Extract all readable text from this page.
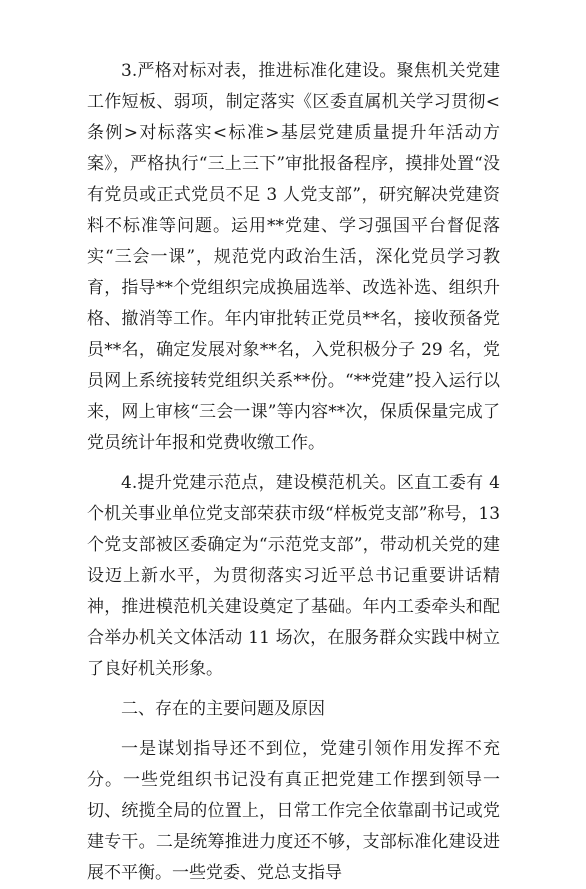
3.严格对标对表，推进标准化建设。聚焦机关党建工作短板、弱项，制定落实《区委直属机关学习贯彻<条例>对标落实<标准>基层党建质量提升年活动方案》，严格执行“三上三下”审批报备程序，摸排处置“没有党员或正式党员不足 3 人党支部”，研究解决党建资料不标准等问题。运用**党建、学习强国平台督促落实“三会一课”，规范党内政治生活，深化党员学习教育，指导**个党组织完成换届选举、改选补选、组织升格、撤消等工作。年内审批转正党员**名，接收预备党员**名，确定发展对象**名，入党积极分子 29 名，党员网上系统接转党组织关系**份。“**党建”投入运行以来，网上审核“三会一课”等内容**次，保质保量完成了党员统计年报和党费收缴工作。

4.提升党建示范点，建设模范机关。区直工委有 4 个机关事业单位党支部荣获市级“样板党支部”称号，13 个党支部被区委确定为“示范党支部”，带动机关党的建设迈上新水平，为贯彻落实习近平总书记重要讲话精神，推进模范机关建设奠定了基础。年内工委牵头和配合举办机关文体活动 11 场次，在服务群众实践中树立了良好机关形象。

二、存在的主要问题及原因

一是谋划指导还不到位，党建引领作用发挥不充分。一些党组织书记没有真正把党建工作摆到领导一切、统揽全局的位置上，日常工作完全依靠副书记或党建专干。二是统筹推进力度还不够，支部标准化建设进展不平衡。一些党委、党总支指导
